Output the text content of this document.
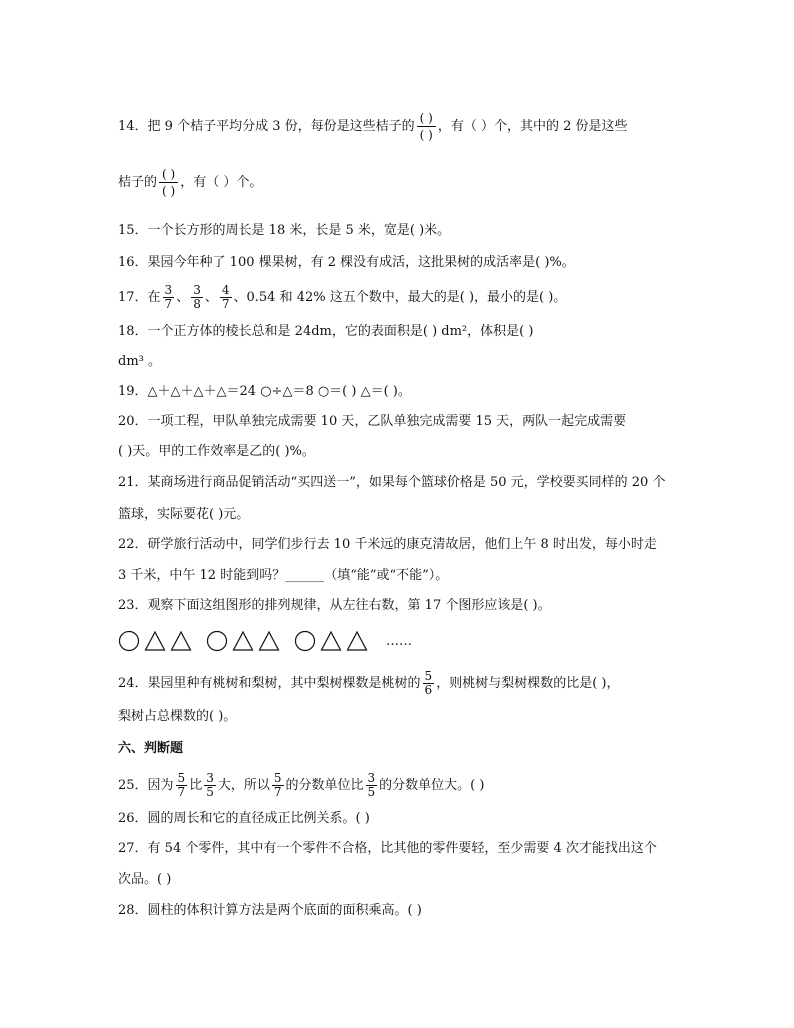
14．把 9 个桔子平均分成 3 份，每份是这些桔子的 $\frac{( )}{( )}$ ，有（ ）个，其中的 2 份是这些
桔子的 $\frac{( )}{( )}$ ，有（ ）个。
15．一个长方形的周长是 18 米，长是 5 米，宽是( )米。
16．果园今年种了 100 棵果树，有 2 棵没有成活，这批果树的成活率是( )%。
17．在 $\frac{3}{7}$ 、 $\frac{3}{8}$ 、 $\frac{4}{7}$ 、0.54 和 42% 这五个数中，最大的是( )，最小的是( )。
18．一个正方体的棱长总和是 24dm，它的表面积是( ) dm²，体积是( )
dm³ 。
19．△＋△＋△＋△＝24 ○÷△＝8 ○＝( ) △＝( )。
20．一项工程，甲队单独完成需要 10 天，乙队单独完成需要 15 天，两队一起完成需要
( )天。甲的工作效率是乙的( )%。
21．某商场进行商品促销活动“买四送一”，如果每个篮球价格是 50 元，学校要买同样的 20 个
篮球，实际要花( )元。
22．研学旅行活动中，同学们步行去 10 千米远的康克清故居，他们上午 8 时出发，每小时走
3 千米，中午 12 时能到吗？______（填“能”或“不能”）。
23．观察下面这组图形的排列规律，从左往右数，第 17 个图形应该是( )。
……
24．果园里种有桃树和梨树，其中梨树棵数是桃树的 $\frac{5}{6}$ ，则桃树与梨树棵数的比是( )，
梨树占总棵数的( )。
六、判断题
25．因为 $\frac{5}{7}$ 比 $\frac{3}{5}$ 大，所以 $\frac{5}{7}$ 的分数单位比 $\frac{3}{5}$ 的分数单位大。( )
26．圆的周长和它的直径成正比例关系。( )
27．有 54 个零件，其中有一个零件不合格，比其他的零件要轻，至少需要 4 次才能找出这个
次品。( )
28．圆柱的体积计算方法是两个底面的面积乘高。( )
